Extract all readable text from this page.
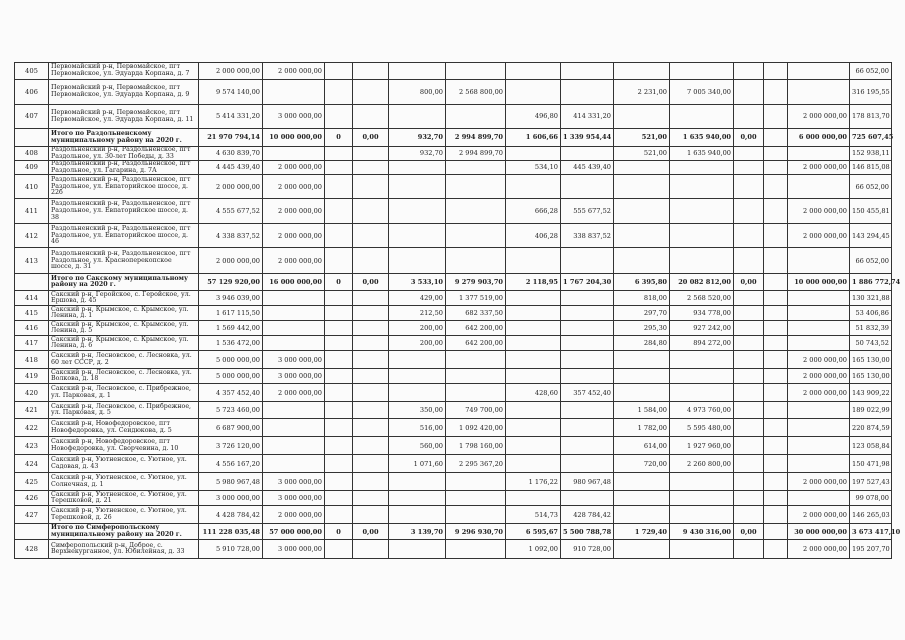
405	Первомайский р-н, Первомайское, пгт Первомайское, ул. Эдуарда Корпана, д. 7	2 000 000,00	2 000 000,00												66 052,00
406	Первомайский р-н, Первомайское, пгт Первомайское, ул. Эдуарда Корпана, д. 9	9 574 140,00				800,00	2 568 800,00			2 231,00	7 005 340,00				316 195,55
407	Первомайский р-н, Первомайское, пгт Первомайское, ул. Эдуарда Корпана, д. 11	5 414 331,20	3 000 000,00					496,80	414 331,20					2 000 000,00	178 813,70
	Итого по Раздольненскому муниципальному району на 2020 г.	21 970 794,14	10 000 000,00	0	0,00	932,70	2 994 899,70	1 606,66	1 339 954,44	521,00	1 635 940,00	0,00		6 000 000,00	725 607,45
408	Раздольненский р-н, Раздольненское, пгт Раздольное, ул. 30-лет Победы, д. 33	4 630 839,70				932,70	2 994 899,70			521,00	1 635 940,00				152 938,11
409	Раздольненский р-н, Раздольненское, пгт Раздольное, ул. Гагарина, д. 7А	4 445 439,40	2 000 000,00					534,10	445 439,40					2 000 000,00	146 815,08
410	Раздольненский р-н, Раздольненское, пгт Раздольное, ул. Евпаторийское шоссе, д. 22б	2 000 000,00	2 000 000,00												66 052,00
411	Раздольненский р-н, Раздольненское, пгт Раздольное, ул. Евпаторийское шоссе, д. 38	4 555 677,52	2 000 000,00					666,28	555 677,52					2 000 000,00	150 455,81
412	Раздольненский р-н, Раздольненское, пгт Раздольное, ул. Евпаторийское шоссе, д. 46	4 338 837,52	2 000 000,00					406,28	338 837,52					2 000 000,00	143 294,45
413	Раздольненский р-н, Раздольненское, пгт Раздольное, ул. Красноперекопское шоссе, д. 31	2 000 000,00	2 000 000,00												66 052,00
	Итого по Сакскому муниципальному району на 2020 г.	57 129 920,00	16 000 000,00	0	0,00	3 533,10	9 279 903,70	2 118,95	1 767 204,30	6 395,80	20 082 812,00	0,00		10 000 000,00	1 886 772,74
414	Сакский р-н, Геройское, с. Геройское, ул. Ершова, д. 45	3 946 039,00				429,00	1 377 519,00			818,00	2 568 520,00				130 321,88
415	Сакский р-н, Крымское, с. Крымское, ул. Ленина, д. 1	1 617 115,50				212,50	682 337,50			297,70	934 778,00				53 406,86
416	Сакский р-н, Крымское, с. Крымское, ул. Ленина, д. 5	1 569 442,00				200,00	642 200,00			295,30	927 242,00				51 832,39
417	Сакский р-н, Крымское, с. Крымское, ул. Ленина, д. 6	1 536 472,00				200,00	642 200,00			284,80	894 272,00				50 743,52
418	Сакский р-н, Лесновское, с. Лесновка, ул. 60 лет СССР, д. 2	5 000 000,00	3 000 000,00											2 000 000,00	165 130,00
419	Сакский р-н, Лесновское, с. Лесновка, ул. Волкова, д. 18	5 000 000,00	3 000 000,00											2 000 000,00	165 130,00
420	Сакский р-н, Лесновское, с. Прибрежное, ул. Парковая, д. 1	4 357 452,40	2 000 000,00					428,60	357 452,40					2 000 000,00	143 909,22
421	Сакский р-н, Лесновское, с. Прибрежное, ул. Парковая, д. 5	5 723 460,00				350,00	749 700,00			1 584,00	4 973 760,00				189 022,99
422	Сакский р-н, Новофедоровское, пгт Новофедоровка, ул. Сеидюкова, д. 5	6 687 900,00				516,00	1 092 420,00			1 782,00	5 595 480,00				220 874,59
423	Сакский р-н, Новофедоровское, пгт Новофедоровка, ул. Сворчевина, д. 10	3 726 120,00				560,00	1 798 160,00			614,00	1 927 960,00				123 058,84
424	Сакский р-н, Уютненское, с. Уютное, ул. Садовая, д. 43	4 556 167,20				1 071,60	2 295 367,20			720,00	2 260 800,00				150 471,98
425	Сакский р-н, Уютненское, с. Уютное, ул. Солнечная, д. 1	5 980 967,48	3 000 000,00					1 176,22	980 967,48					2 000 000,00	197 527,43
426	Сакский р-н, Уютненское, с. Уютное, ул. Терешковой, д. 21	3 000 000,00	3 000 000,00												99 078,00
427	Сакский р-н, Уютненское, с. Уютное, ул. Терешковой, д. 26	4 428 784,42	2 000 000,00					514,73	428 784,42					2 000 000,00	146 265,03
	Итого по Симферопольскому муниципальному району на 2020 г.	111 228 035,48	57 000 000,00	0	0,00	3 139,70	9 296 930,70	6 595,67	5 500 788,78	1 729,40	9 430 316,00	0,00		30 000 000,00	3 673 417,10
428	Симферопольский р-н, Доброе, с. Верхнекурганное, ул. Юбилейная, д. 33	5 910 728,00	3 000 000,00					1 092,00	910 728,00					2 000 000,00	195 207,70
